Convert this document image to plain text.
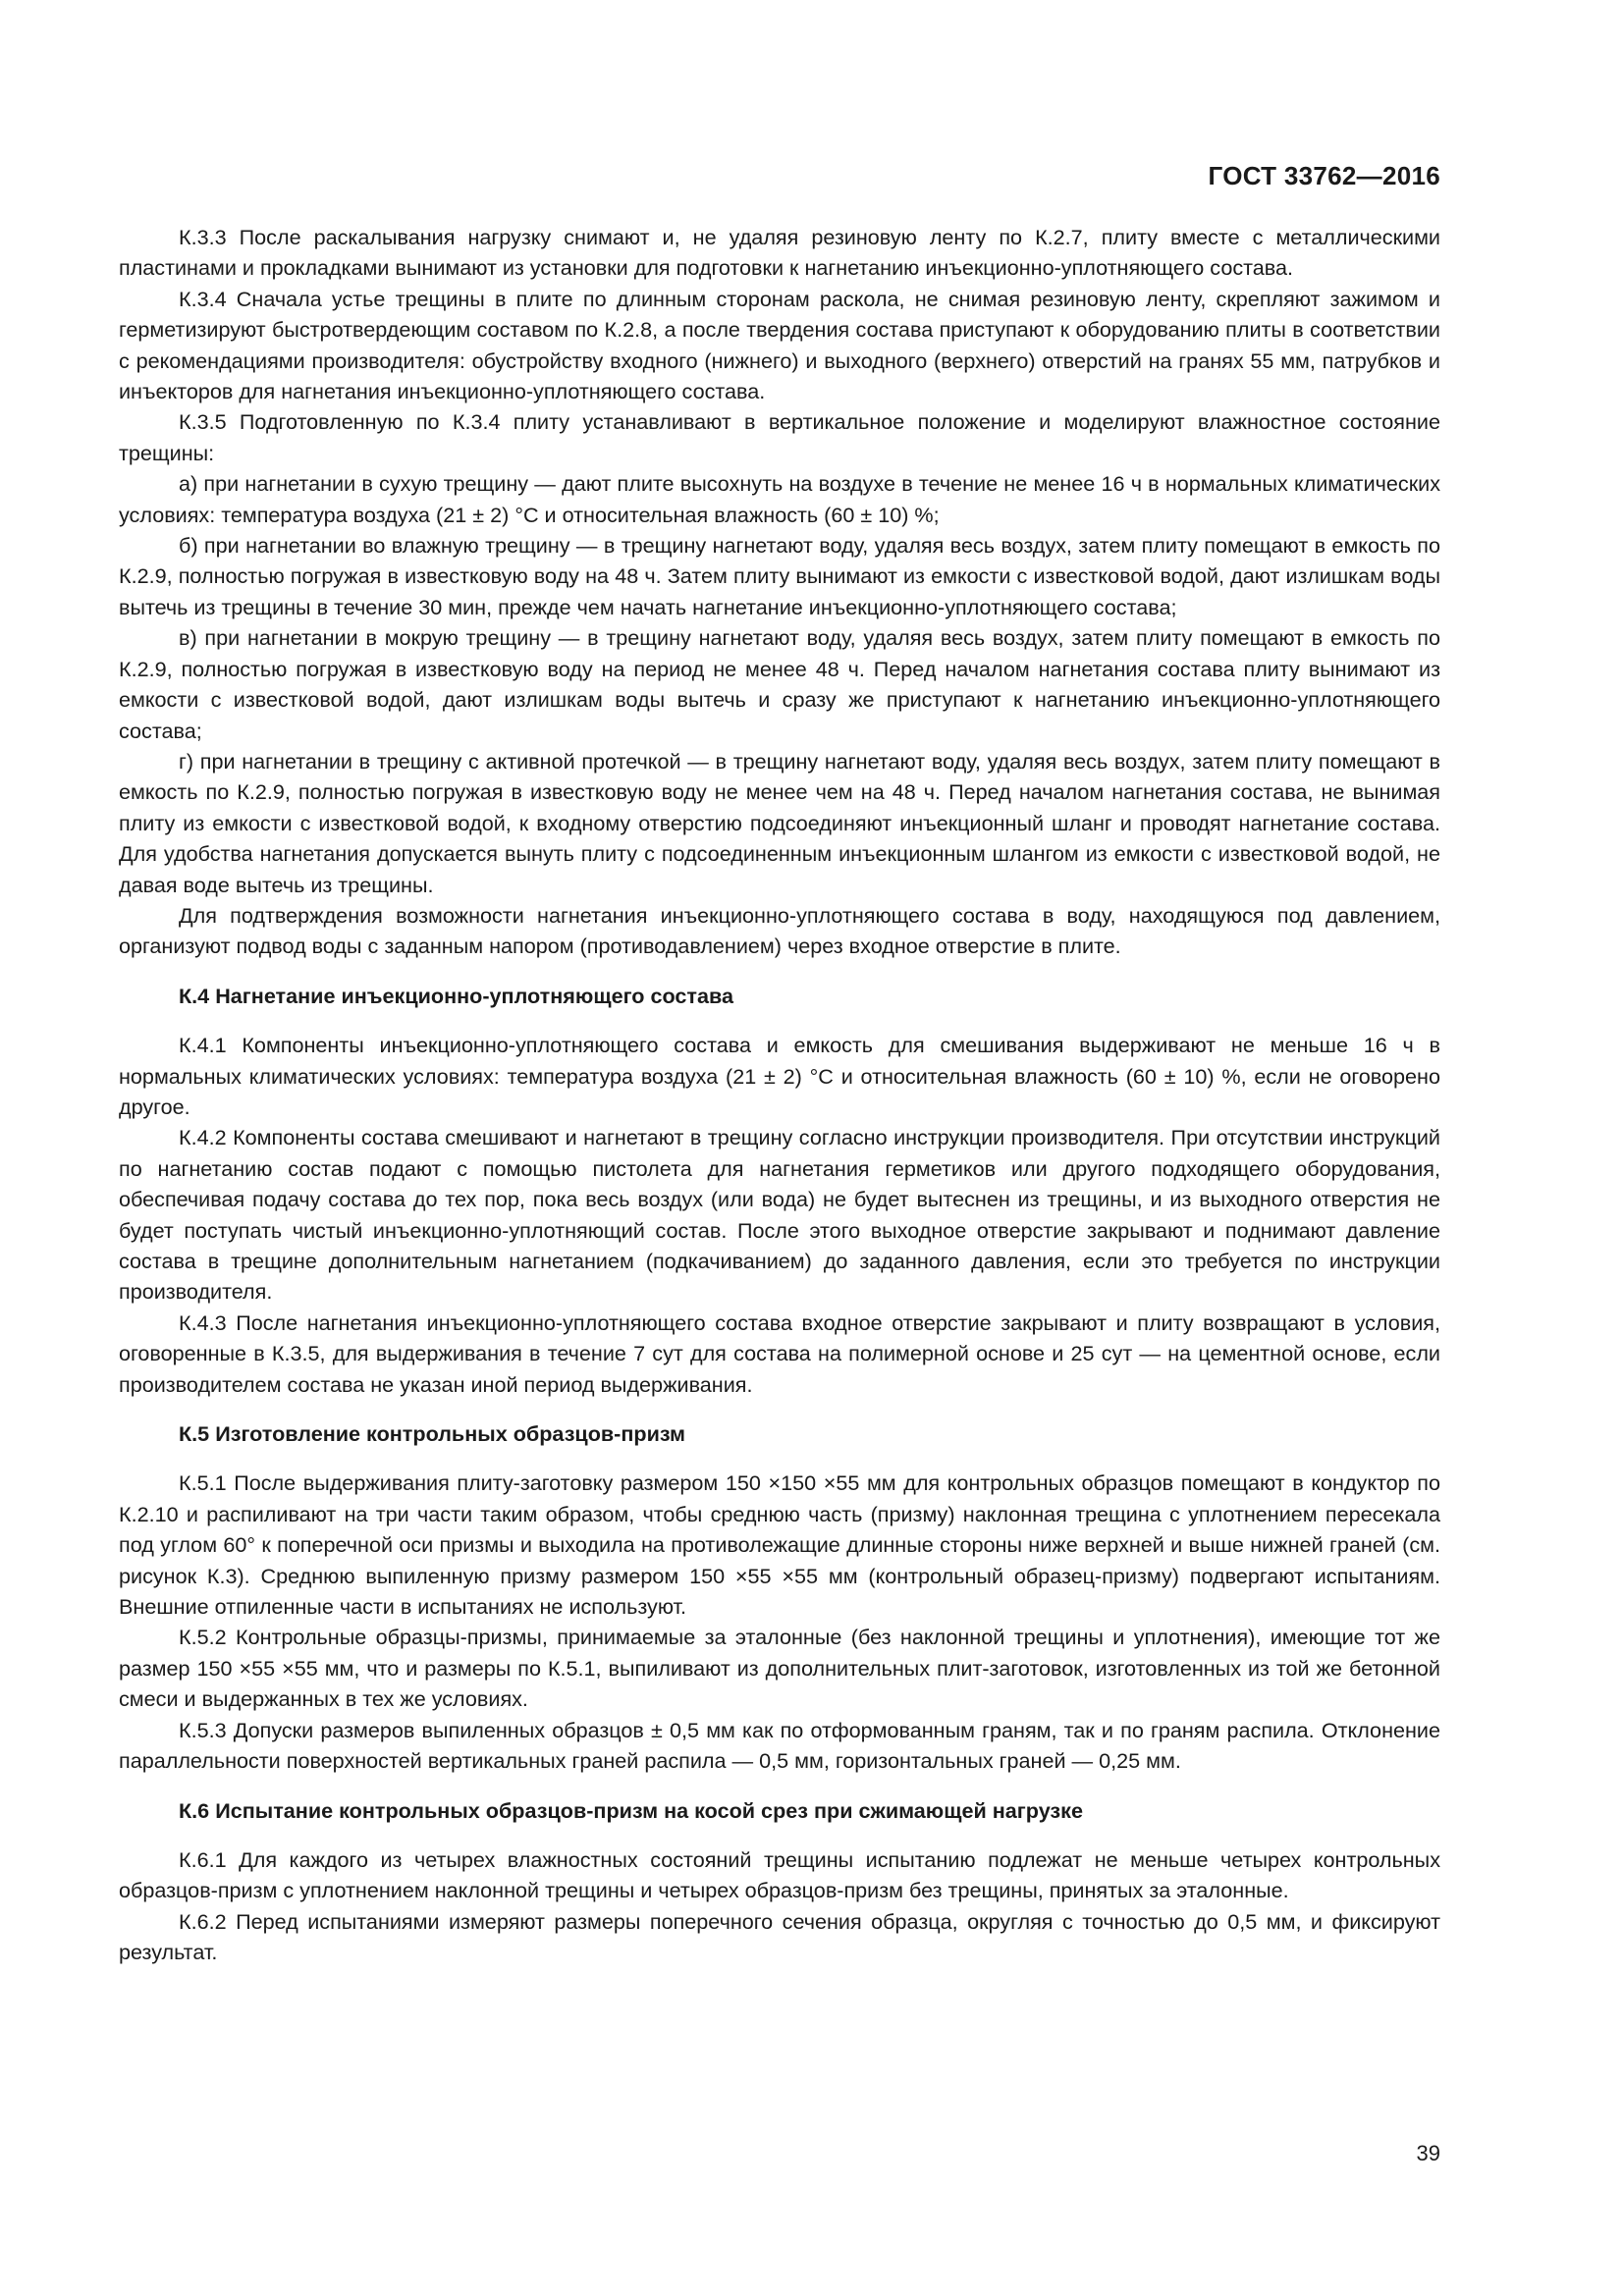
ГОСТ 33762—2016

К.3.3 После раскалывания нагрузку снимают и, не удаляя резиновую ленту по К.2.7, плиту вместе с металлическими пластинами и прокладками вынимают из установки для подготовки к нагнетанию инъекционно-уплотняющего состава.

К.3.4 Сначала устье трещины в плите по длинным сторонам раскола, не снимая резиновую ленту, скрепляют зажимом и герметизируют быстротвердеющим составом по К.2.8, а после твердения состава приступают к оборудованию плиты в соответствии с рекомендациями производителя: обустройству входного (нижнего) и выходного (верхнего) отверстий на гранях 55 мм, патрубков и инъекторов для нагнетания инъекционно-уплотняющего состава.

К.3.5 Подготовленную по К.3.4 плиту устанавливают в вертикальное положение и моделируют влажностное состояние трещины:

а) при нагнетании в сухую трещину — дают плите высохнуть на воздухе в течение не менее 16 ч в нормальных климатических условиях: температура воздуха (21 ± 2) °С и относительная влажность (60 ± 10) %;

б) при нагнетании во влажную трещину — в трещину нагнетают воду, удаляя весь воздух, затем плиту помещают в емкость по К.2.9, полностью погружая в известковую воду на 48 ч. Затем плиту вынимают из емкости с известковой водой, дают излишкам воды вытечь из трещины в течение 30 мин, прежде чем начать нагнетание инъекционно-уплотняющего состава;

в) при нагнетании в мокрую трещину — в трещину нагнетают воду, удаляя весь воздух, затем плиту помещают в емкость по К.2.9, полностью погружая в известковую воду на период не менее 48 ч. Перед началом нагнетания состава плиту вынимают из емкости с известковой водой, дают излишкам воды вытечь и сразу же приступают к нагнетанию инъекционно-уплотняющего состава;

г) при нагнетании в трещину с активной протечкой — в трещину нагнетают воду, удаляя весь воздух, затем плиту помещают в емкость по К.2.9, полностью погружая в известковую воду не менее чем на 48 ч. Перед началом нагнетания состава, не вынимая плиту из емкости с известковой водой, к входному отверстию подсоединяют инъекционный шланг и проводят нагнетание состава. Для удобства нагнетания допускается вынуть плиту с подсоединенным инъекционным шлангом из емкости с известковой водой, не давая воде вытечь из трещины.

Для подтверждения возможности нагнетания инъекционно-уплотняющего состава в воду, находящуюся под давлением, организуют подвод воды с заданным напором (противодавлением) через входное отверстие в плите.

К.4 Нагнетание инъекционно-уплотняющего состава

К.4.1 Компоненты инъекционно-уплотняющего состава и емкость для смешивания выдерживают не меньше 16 ч в нормальных климатических условиях: температура воздуха (21 ± 2) °С и относительная влажность (60 ± 10) %, если не оговорено другое.

К.4.2 Компоненты состава смешивают и нагнетают в трещину согласно инструкции производителя. При отсутствии инструкций по нагнетанию состав подают с помощью пистолета для нагнетания герметиков или другого подходящего оборудования, обеспечивая подачу состава до тех пор, пока весь воздух (или вода) не будет вытеснен из трещины, и из выходного отверстия не будет поступать чистый инъекционно-уплотняющий состав. После этого выходное отверстие закрывают и поднимают давление состава в трещине дополнительным нагнетанием (подкачиванием) до заданного давления, если это требуется по инструкции производителя.

К.4.3 После нагнетания инъекционно-уплотняющего состава входное отверстие закрывают и плиту возвращают в условия, оговоренные в К.3.5, для выдерживания в течение 7 сут для состава на полимерной основе и 25 сут — на цементной основе, если производителем состава не указан иной период выдерживания.

К.5 Изготовление контрольных образцов-призм

К.5.1 После выдерживания плиту-заготовку размером 150 ×150 ×55 мм для контрольных образцов помещают в кондуктор по К.2.10 и распиливают на три части таким образом, чтобы среднюю часть (призму) наклонная трещина с уплотнением пересекала под углом 60° к поперечной оси призмы и выходила на противолежащие длинные стороны ниже верхней и выше нижней граней (см. рисунок К.3). Среднюю выпиленную призму размером 150 ×55 ×55 мм (контрольный образец-призму) подвергают испытаниям. Внешние отпиленные части в испытаниях не используют.

К.5.2 Контрольные образцы-призмы, принимаемые за эталонные (без наклонной трещины и уплотнения), имеющие тот же размер 150 ×55 ×55 мм, что и размеры по К.5.1, выпиливают из дополнительных плит-заготовок, изготовленных из той же бетонной смеси и выдержанных в тех же условиях.

К.5.3 Допуски размеров выпиленных образцов ± 0,5 мм как по отформованным граням, так и по граням распила. Отклонение параллельности поверхностей вертикальных граней распила — 0,5 мм, горизонтальных граней — 0,25 мм.

К.6 Испытание контрольных образцов-призм на косой срез при сжимающей нагрузке

К.6.1 Для каждого из четырех влажностных состояний трещины испытанию подлежат не меньше четырех контрольных образцов-призм с уплотнением наклонной трещины и четырех образцов-призм без трещины, принятых за эталонные.

К.6.2 Перед испытаниями измеряют размеры поперечного сечения образца, округляя с точностью до 0,5 мм, и фиксируют результат.

39
